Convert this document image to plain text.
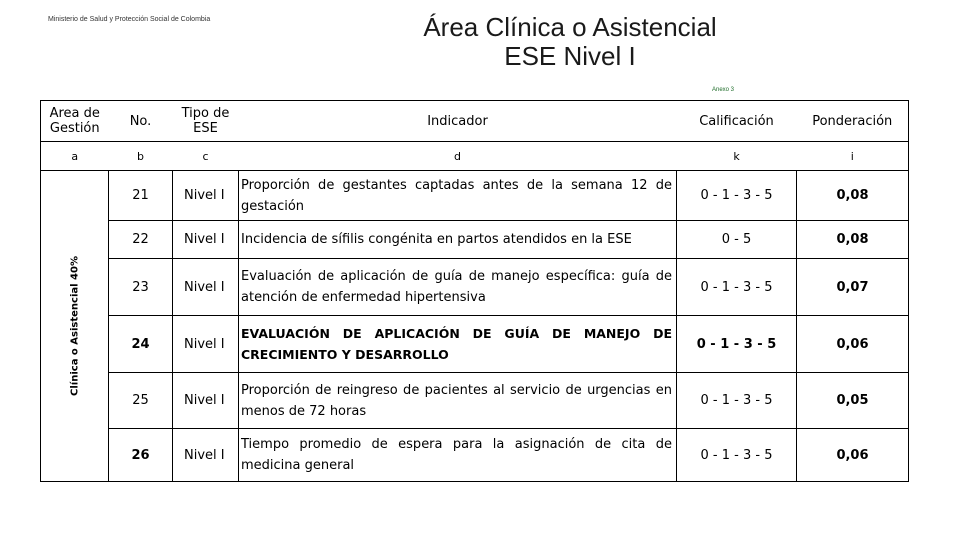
Ministerio de Salud y Protección Social de Colombia	Área Clínica o Asistencial
ESE Nivel I
Anexo 3
Area de Gestión	No.	Tipo de ESE	Indicador	Calificación	Ponderación
a	b	c	d	k	i

Clínica o Asistencial 40%	21	Nivel I	Proporción de gestantes captadas antes de la semana 12 de gestación	0 - 1 - 3 - 5	0,08
	22	Nivel I	Incidencia de sífilis congénita en partos atendidos en la ESE	0 - 5	0,08
	23	Nivel I	Evaluación de aplicación de guía de manejo específica: guía de atención de enfermedad hipertensiva	0 - 1 - 3 - 5	0,07
	24	Nivel I	EVALUACIÓN DE APLICACIÓN DE GUÍA DE MANEJO DE CRECIMIENTO Y DESARROLLO	0 - 1 - 3 - 5	0,06
	25	Nivel I	Proporción de reingreso de pacientes al servicio de urgencias en menos de 72 horas	0 - 1 - 3 - 5	0,05
	26	Nivel I	Tiempo promedio de espera para la asignación de cita de medicina general	0 - 1 - 3 - 5	0,06
